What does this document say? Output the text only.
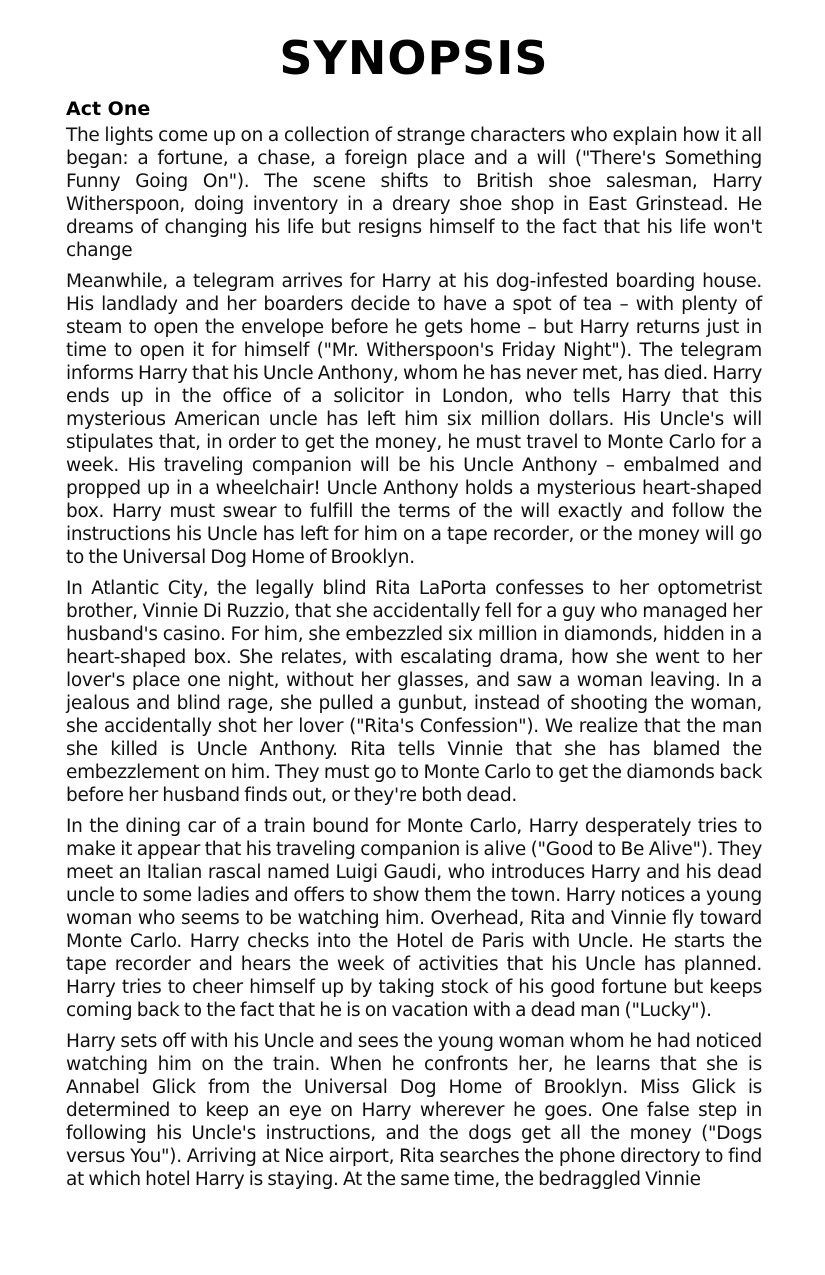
SYNOPSIS
Act One

The lights come up on a collection of strange characters who explain how it all began: a fortune, a chase, a foreign place and a will ("There's Something Funny Going On"). The scene shifts to British shoe salesman, Harry Witherspoon, doing inventory in a dreary shoe shop in East Grinstead. He dreams of changing his life but resigns himself to the fact that his life won't change

Meanwhile, a telegram arrives for Harry at his dog-infested boarding house. His landlady and her boarders decide to have a spot of tea – with plenty of steam to open the envelope before he gets home – but Harry returns just in time to open it for himself ("Mr. Witherspoon's Friday Night"). The telegram informs Harry that his Uncle Anthony, whom he has never met, has died. Harry ends up in the office of a solicitor in London, who tells Harry that this mysterious American uncle has left him six million dollars. His Uncle's will stipulates that, in order to get the money, he must travel to Monte Carlo for a week. His traveling companion will be his Uncle Anthony – embalmed and propped up in a wheelchair! Uncle Anthony holds a mysterious heart-shaped box. Harry must swear to fulfill the terms of the will exactly and follow the instructions his Uncle has left for him on a tape recorder, or the money will go to the Universal Dog Home of Brooklyn.

In Atlantic City, the legally blind Rita LaPorta confesses to her optometrist brother, Vinnie Di Ruzzio, that she accidentally fell for a guy who managed her husband's casino. For him, she embezzled six million in diamonds, hidden in a heart-shaped box. She relates, with escalating drama, how she went to her lover's place one night, without her glasses, and saw a woman leaving. In a jealous and blind rage, she pulled a gunbut, instead of shooting the woman, she accidentally shot her lover ("Rita's Confession"). We realize that the man she killed is Uncle Anthony. Rita tells Vinnie that she has blamed the embezzlement on him. They must go to Monte Carlo to get the diamonds back before her husband finds out, or they're both dead.

In the dining car of a train bound for Monte Carlo, Harry desperately tries to make it appear that his traveling companion is alive ("Good to Be Alive"). They meet an Italian rascal named Luigi Gaudi, who introduces Harry and his dead uncle to some ladies and offers to show them the town. Harry notices a young woman who seems to be watching him. Overhead, Rita and Vinnie fly toward Monte Carlo. Harry checks into the Hotel de Paris with Uncle. He starts the tape recorder and hears the week of activities that his Uncle has planned. Harry tries to cheer himself up by taking stock of his good fortune but keeps coming back to the fact that he is on vacation with a dead man ("Lucky").

Harry sets off with his Uncle and sees the young woman whom he had noticed watching him on the train. When he confronts her, he learns that she is Annabel Glick from the Universal Dog Home of Brooklyn. Miss Glick is determined to keep an eye on Harry wherever he goes. One false step in following his Uncle's instructions, and the dogs get all the money ("Dogs versus You"). Arriving at Nice airport, Rita searches the phone directory to find at which hotel Harry is staying. At the same time, the bedraggled Vinnie
